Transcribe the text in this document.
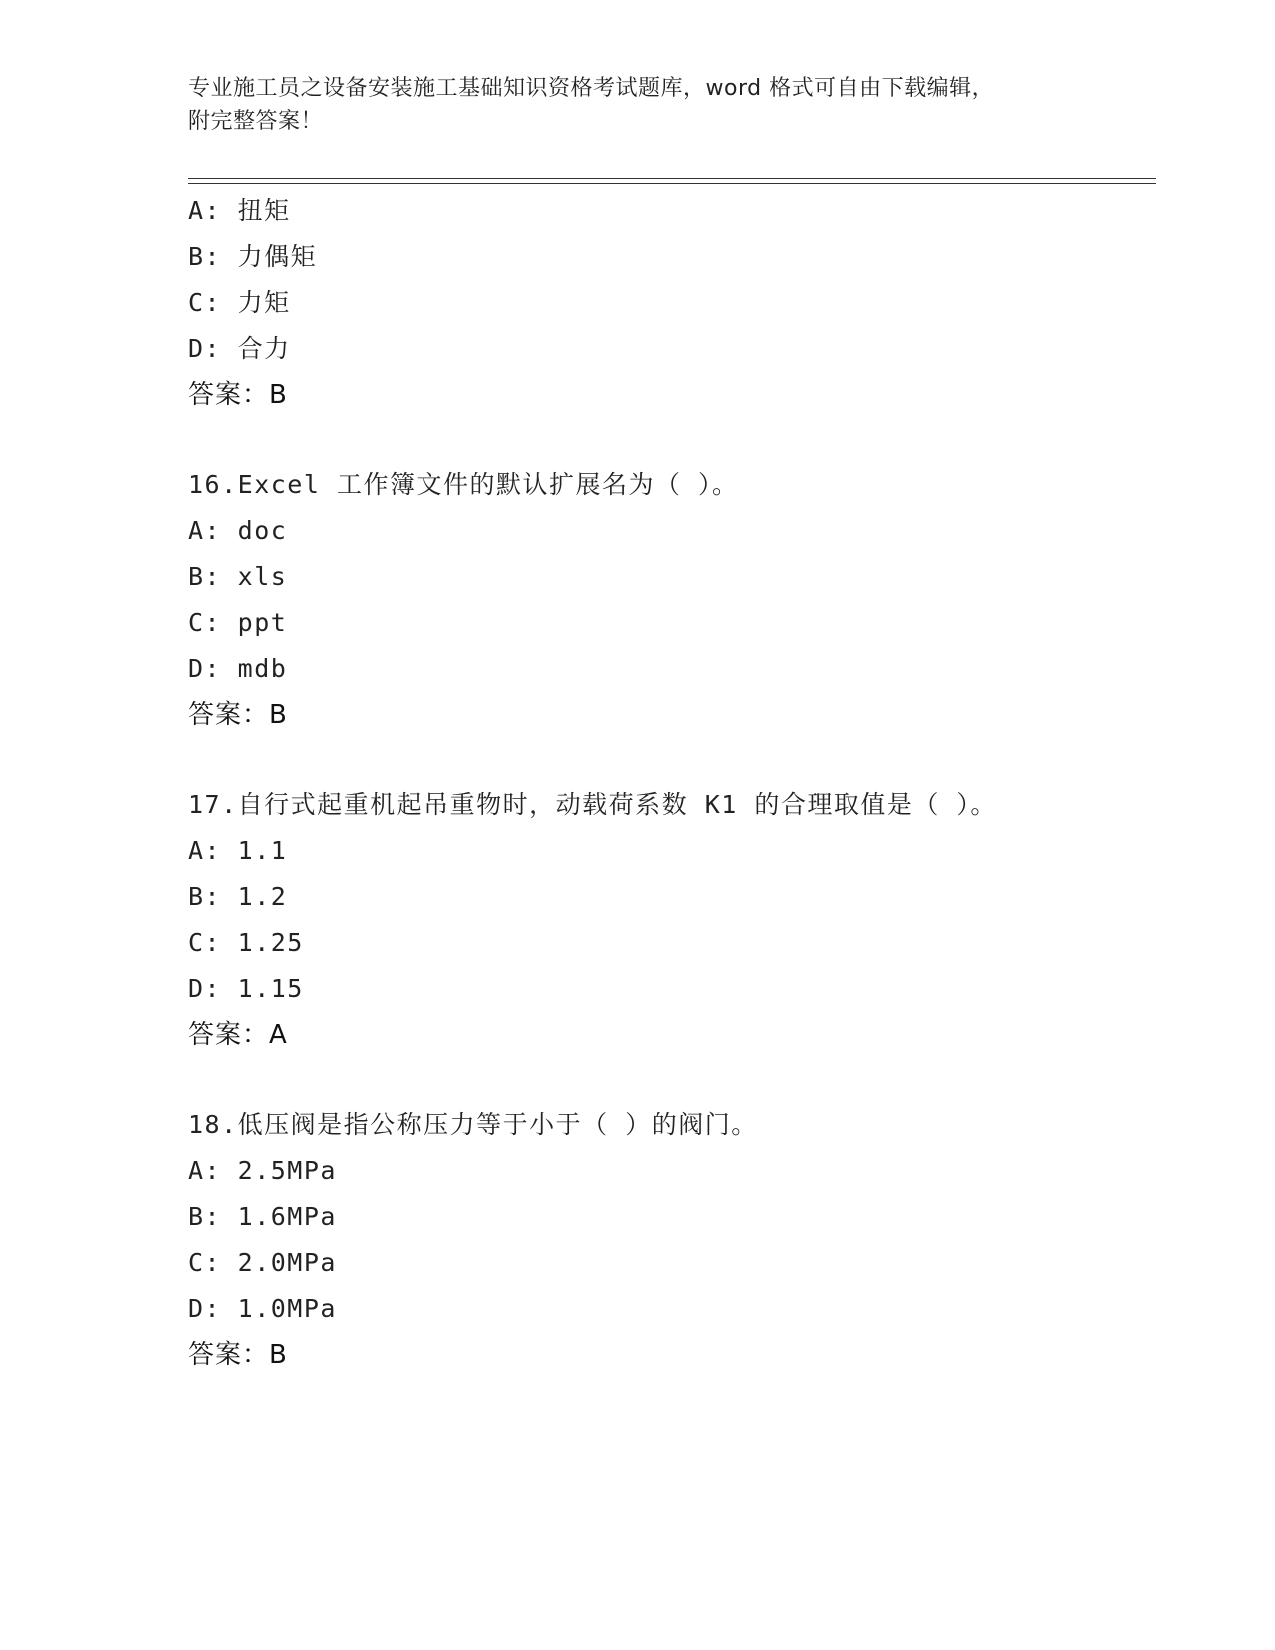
专业施工员之设备安装施工基础知识资格考试题库，word 格式可自由下载编辑，
附完整答案！
A: 扭矩
B: 力偶矩
C: 力矩
D: 合力
答案：B
16.Excel 工作簿文件的默认扩展名为（ ）。
A: doc
B: xls
C: ppt
D: mdb
答案：B
17.自行式起重机起吊重物时，动载荷系数 K1 的合理取值是（ ）。
A: 1.1
B: 1.2
C: 1.25
D: 1.15
答案：A
18.低压阀是指公称压力等于小于（ ）的阀门。
A: 2.5MPa
B: 1.6MPa
C: 2.0MPa
D: 1.0MPa
答案：B
